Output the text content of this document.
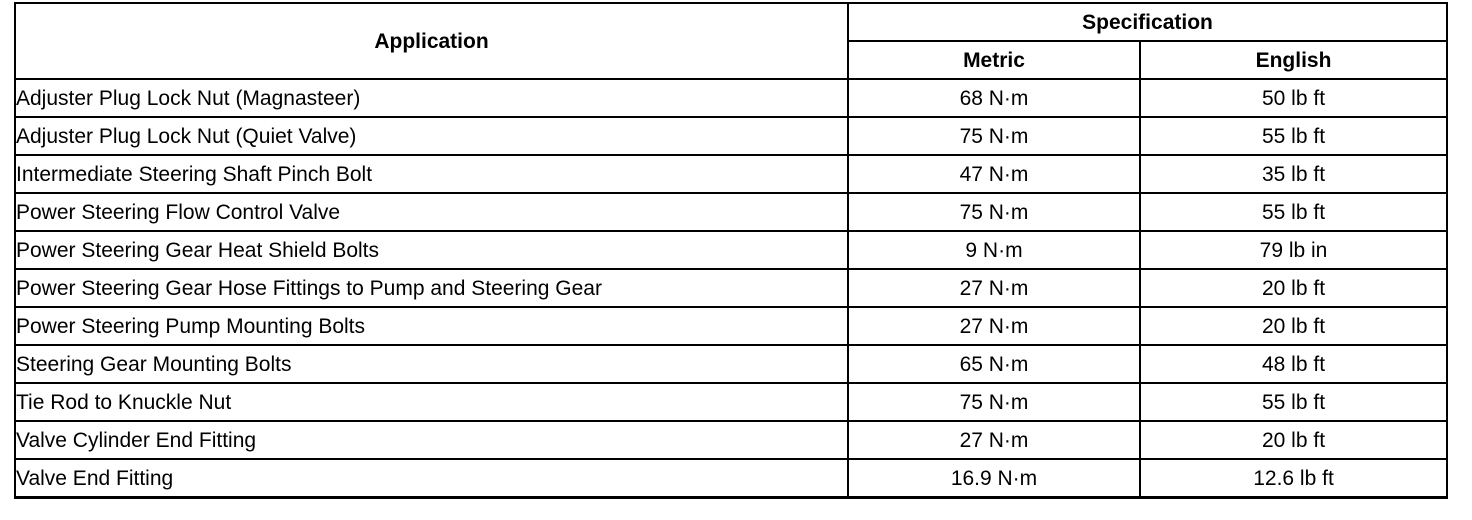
Application	Specification	
	Metric	English
Adjuster Plug Lock Nut (Magnasteer)	68 N·m	50 lb ft
Adjuster Plug Lock Nut (Quiet Valve)	75 N·m	55 lb ft
Intermediate Steering Shaft Pinch Bolt	47 N·m	35 lb ft
Power Steering Flow Control Valve	75 N·m	55 lb ft
Power Steering Gear Heat Shield Bolts	9 N·m	79 lb in
Power Steering Gear Hose Fittings to Pump and Steering Gear	27 N·m	20 lb ft
Power Steering Pump Mounting Bolts	27 N·m	20 lb ft
Steering Gear Mounting Bolts	65 N·m	48 lb ft
Tie Rod to Knuckle Nut	75 N·m	55 lb ft
Valve Cylinder End Fitting	27 N·m	20 lb ft
Valve End Fitting	16.9 N·m	12.6 lb ft
